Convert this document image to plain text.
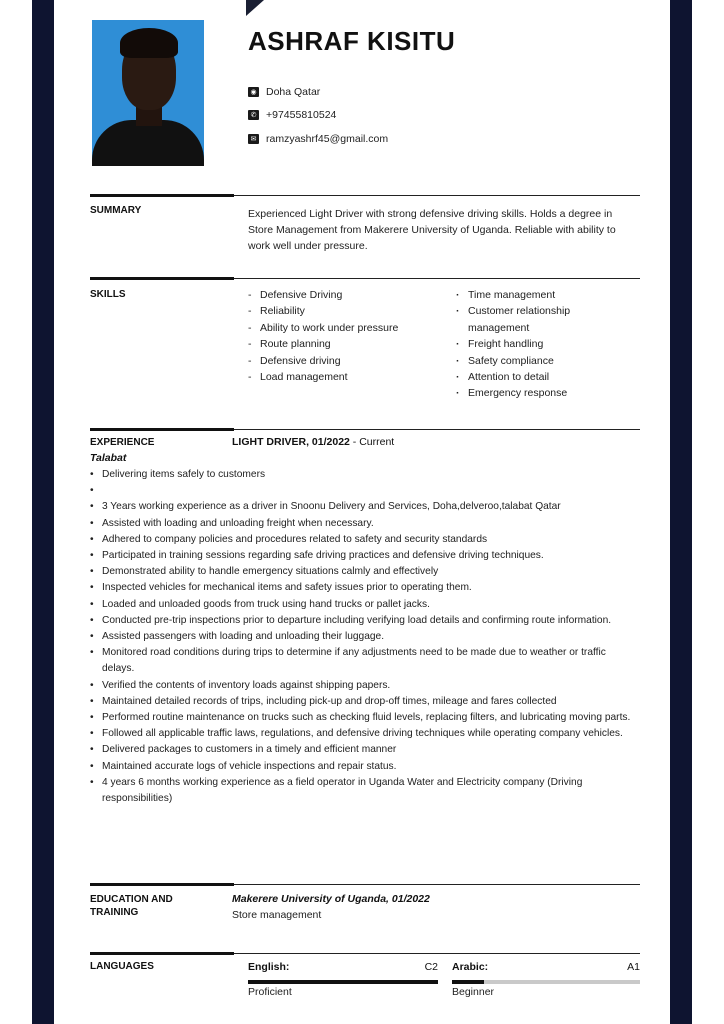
ASHRAF KISITU
◉ Doha Qatar
✆ +97455810524
✉ ramzyashrf45@gmail.com
SUMMARY	Experienced Light Driver with strong defensive driving skills. Holds a degree in Store Management from Makerere University of Uganda. Reliable with ability to work well under pressure.
SKILLS
-	Defensive Driving
- Reliability
- Ability to work under pressure
- Route planning
- Defensive driving
- Load management
· Time management
· Customer relationship management
· Freight handling
· Safety compliance
· Attention to detail
· Emergency response
EXPERIENCE	LIGHT DRIVER, 01/2022 - Current
Talabat
• Delivering items safely to customers
•
• 3 Years working experience as a driver in Snoonu Delivery and Services, Doha,delveroo,talabat Qatar
• Assisted with loading and unloading freight when necessary.
• Adhered to company policies and procedures related to safety and security standards
• Participated in training sessions regarding safe driving practices and defensive driving techniques.
• Demonstrated ability to handle emergency situations calmly and effectively
• Inspected vehicles for mechanical items and safety issues prior to operating them.
• Loaded and unloaded goods from truck using hand trucks or pallet jacks.
• Conducted pre-trip inspections prior to departure including verifying load details and confirming route information.
• Assisted passengers with loading and unloading their luggage.
• Monitored road conditions during trips to determine if any adjustments need to be made due to weather or traffic delays.
• Verified the contents of inventory loads against shipping papers.
• Maintained detailed records of trips, including pick-up and drop-off times, mileage and fares collected
• Performed routine maintenance on trucks such as checking fluid levels, replacing filters, and lubricating moving parts.
• Followed all applicable traffic laws, regulations, and defensive driving techniques while operating company vehicles.
• Delivered packages to customers in a timely and efficient manner
• Maintained accurate logs of vehicle inspections and repair status.
• 4 years 6 months working experience as a field operator in Uganda Water and Electricity company (Driving responsibilities)
EDUCATION AND TRAINING
Makerere University of Uganda, 01/2022
Store management
LANGUAGES	English:	C2
Proficient
Arabic:	A1
Beginner
